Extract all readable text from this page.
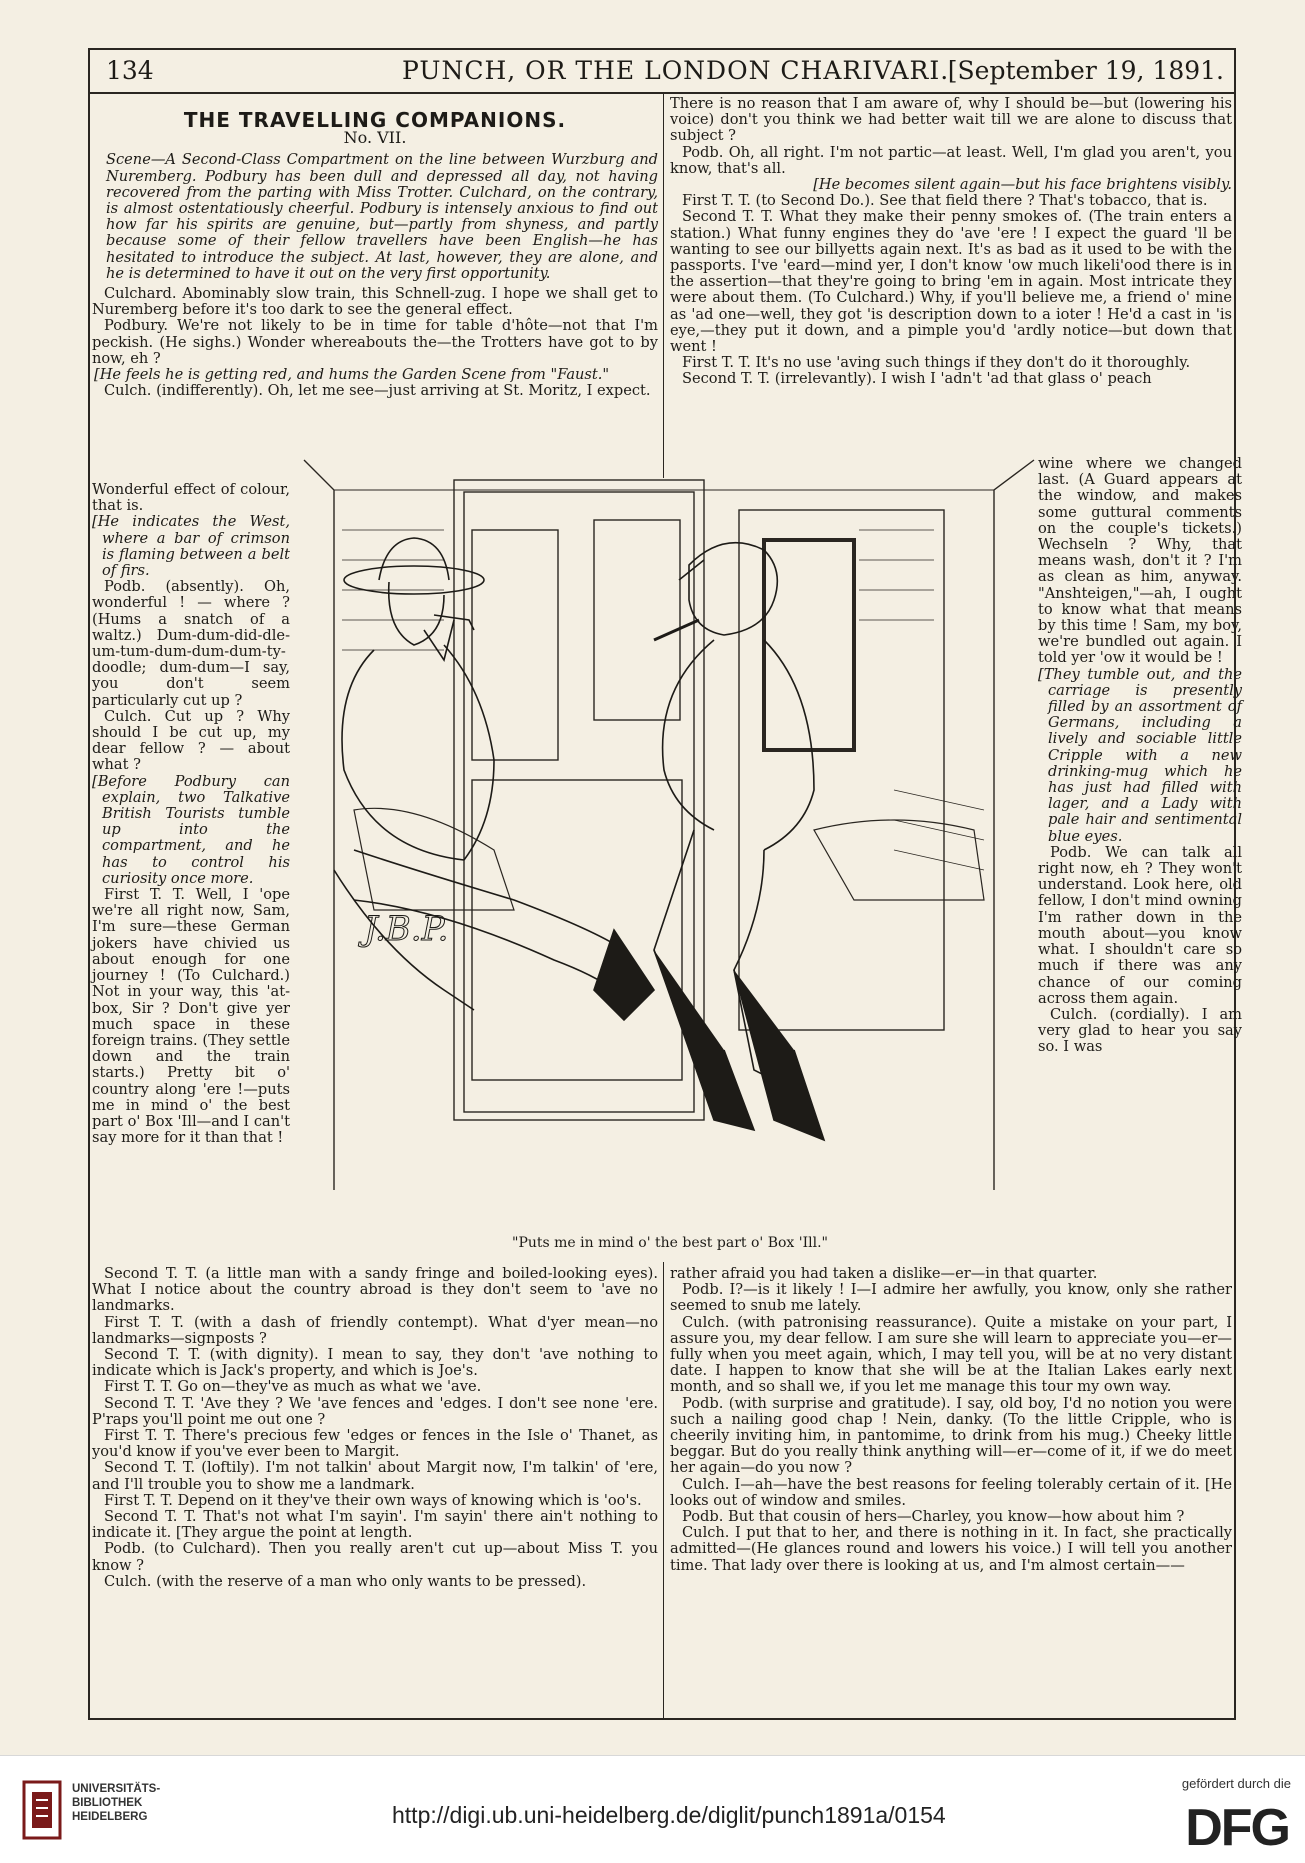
134	PUNCH, OR THE LONDON CHARIVARI.
[September 19, 1891.
THE TRAVELLING COMPANIONS.
No. VII.

Scene—A Second-Class Compartment on the line between Wurzburg and Nuremberg. Podbury has been dull and depressed all day, not having recovered from the parting with Miss Trotter. Culchard, on the contrary, is almost ostentatiously cheerful. Podbury is intensely anxious to find out how far his spirits are genuine, but—partly from shyness, and partly because some of their fellow travellers have been English—he has hesitated to introduce the subject. At last, however, they are alone, and he is determined to have it out on the very first opportunity.

Culchard. Abominably slow train, this Schnell-zug. I hope we shall get to Nuremberg before it's too dark to see the general effect.

Podbury. We're not likely to be in time for table d'hôte—not that I'm peckish. (He sighs.) Wonder whereabouts the—the Trotters have got to by now, eh ?

[He feels he is getting red, and hums the Garden Scene from "Faust."

Culch. (indifferently). Oh, let me see—just arriving at St. Moritz, I expect.

Wonderful effect of colour, that is.

[He indicates the West, where a bar of crimson is flaming between a belt of firs.

Podb. (absently). Oh, wonderful ! — where ? (Hums a snatch of a waltz.) Dum-dum-did-dle-um-tum-dum-dum-dum-ty-doodle; dum-dum—I say, you don't seem particularly cut up ?

Culch. Cut up ? Why should I be cut up, my dear fellow ? — about what ?

[Before Podbury can explain, two Talkative British Tourists tumble up into the compartment, and he has to control his curiosity once more.

First T. T. Well, I 'ope we're all right now, Sam, I'm sure—these German jokers have chivied us about enough for one journey ! (To Culchard.) Not in your way, this 'at-box, Sir ? Don't give yer much space in these foreign trains. (They settle down and the train starts.) Pretty bit o' country along 'ere !—puts me in mind o' the best part o' Box 'Ill—and I can't say more for it than that !

There is no reason that I am aware of, why I should be—but (lowering his voice) don't you think we had better wait till we are alone to discuss that subject ?

Podb. Oh, all right. I'm not partic—at least. Well, I'm glad you aren't, you know, that's all.

[He becomes silent again—but his face brightens visibly.

First T. T. (to Second Do.). See that field there ? That's tobacco, that is.

Second T. T. What they make their penny smokes of. (The train enters a station.) What funny engines they do 'ave 'ere ! I expect the guard 'll be wanting to see our billyetts again next. It's as bad as it used to be with the passports. I've 'eard—mind yer, I don't know 'ow much likeli'ood there is in the assertion—that they're going to bring 'em in again. Most intricate they were about them. (To Culchard.) Why, if you'll believe me, a friend o' mine as 'ad one—well, they got 'is description down to a ioter ! He'd a cast in 'is eye,—they put it down, and a pimple you'd 'ardly notice—but down that went !

First T. T. It's no use 'aving such things if they don't do it thoroughly.

Second T. T. (irrelevantly). I wish I 'adn't 'ad that glass o' peach

wine where we changed last. (A Guard appears at the window, and makes some guttural comments on the couple's tickets.) Wechseln ? Why, that means wash, don't it ? I'm as clean as him, anyway. "Anshteigen,"—ah, I ought to know what that means by this time ! Sam, my boy, we're bundled out again. I told yer 'ow it would be !

[They tumble out, and the carriage is presently filled by an assortment of Germans, including a lively and sociable little Cripple with a new drinking-mug which he has just had filled with lager, and a Lady with pale hair and sentimental blue eyes.

Podb. We can talk all right now, eh ? They won't understand. Look here, old fellow, I don't mind owning I'm rather down in the mouth about—you know what. I shouldn't care so much if there was any chance of our coming across them again.

Culch. (cordially). I am very glad to hear you say so. I was

J.B.P.
"Puts me in mind o' the best part o' Box 'Ill."

Second T. T. (a little man with a sandy fringe and boiled-looking eyes). What I notice about the country abroad is they don't seem to 'ave no landmarks.

First T. T. (with a dash of friendly contempt). What d'yer mean—no landmarks—signposts ?

Second T. T. (with dignity). I mean to say, they don't 'ave nothing to indicate which is Jack's property, and which is Joe's.

First T. T. Go on—they've as much as what we 'ave.

Second T. T. 'Ave they ? We 'ave fences and 'edges. I don't see none 'ere. P'raps you'll point me out one ?

First T. T. There's precious few 'edges or fences in the Isle o' Thanet, as you'd know if you've ever been to Margit.

Second T. T. (loftily). I'm not talkin' about Margit now, I'm talkin' of 'ere, and I'll trouble you to show me a landmark.

First T. T. Depend on it they've their own ways of knowing which is 'oo's.

Second T. T. That's not what I'm sayin'. I'm sayin' there ain't nothing to indicate it. [They argue the point at length.

Podb. (to Culchard). Then you really aren't cut up—about Miss T. you know ?

Culch. (with the reserve of a man who only wants to be pressed).

rather afraid you had taken a dislike—er—in that quarter.

Podb. I?—is it likely ! I—I admire her awfully, you know, only she rather seemed to snub me lately.

Culch. (with patronising reassurance). Quite a mistake on your part, I assure you, my dear fellow. I am sure she will learn to appreciate you—er—fully when you meet again, which, I may tell you, will be at no very distant date. I happen to know that she will be at the Italian Lakes early next month, and so shall we, if you let me manage this tour my own way.

Podb. (with surprise and gratitude). I say, old boy, I'd no notion you were such a nailing good chap ! Nein, danky. (To the little Cripple, who is cheerily inviting him, in pantomime, to drink from his mug.) Cheeky little beggar. But do you really think anything will—er—come of it, if we do meet her again—do you now ?

Culch. I—ah—have the best reasons for feeling tolerably certain of it. [He looks out of window and smiles.

Podb. But that cousin of hers—Charley, you know—how about him ?

Culch. I put that to her, and there is nothing in it. In fact, she practically admitted—(He glances round and lowers his voice.) I will tell you another time. That lady over there is looking at us, and I'm almost certain——

UNIVERSITÄTS-
BIBLIOTHEK
HEIDELBERG	http://digi.ub.uni-heidelberg.de/diglit/punch1891a/0154
gefördert durch die
DFG
